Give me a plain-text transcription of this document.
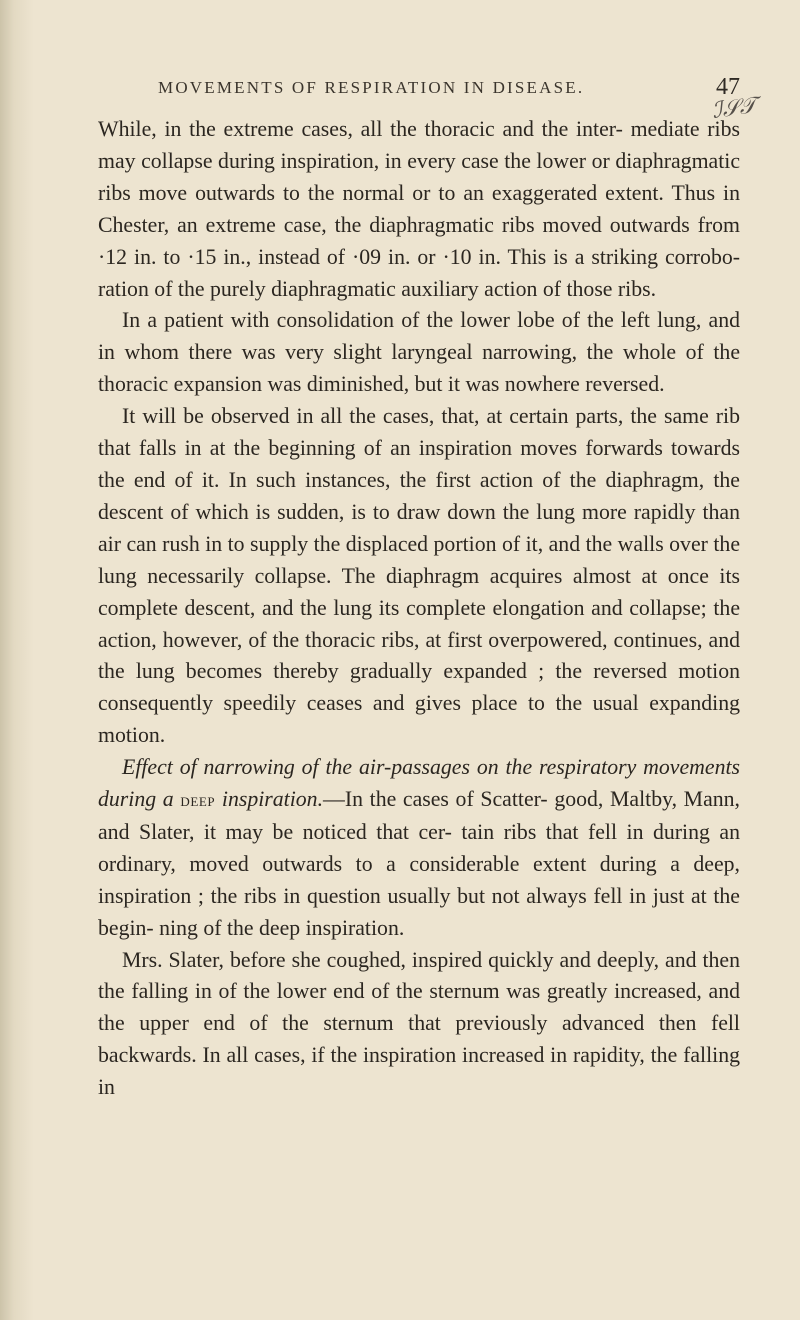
MOVEMENTS OF RESPIRATION IN DISEASE.	47
ℐ𝒮𝒯

While, in the extreme cases, all the thoracic and the inter- mediate ribs may collapse during inspiration, in every case the lower or diaphragmatic ribs move outwards to the normal or to an exaggerated extent. Thus in Chester, an extreme case, the diaphragmatic ribs moved outwards from ·12 in. to ·15 in., instead of ·09 in. or ·10 in. This is a striking corrobo- ration of the purely diaphragmatic auxiliary action of those ribs.

In a patient with consolidation of the lower lobe of the left lung, and in whom there was very slight laryngeal narrowing, the whole of the thoracic expansion was diminished, but it was nowhere reversed.

It will be observed in all the cases, that, at certain parts, the same rib that falls in at the beginning of an inspiration moves forwards towards the end of it. In such instances, the first action of the diaphragm, the descent of which is sudden, is to draw down the lung more rapidly than air can rush in to supply the displaced portion of it, and the walls over the lung necessarily collapse. The diaphragm acquires almost at once its complete descent, and the lung its complete elongation and collapse; the action, however, of the thoracic ribs, at first overpowered, continues, and the lung becomes thereby gradually expanded ; the reversed motion consequently speedily ceases and gives place to the usual expanding motion.

Effect of narrowing of the air-passages on the respiratory movements during a deep inspiration.—In the cases of Scatter- good, Maltby, Mann, and Slater, it may be noticed that cer- tain ribs that fell in during an ordinary, moved outwards to a considerable extent during a deep, inspiration ; the ribs in question usually but not always fell in just at the begin- ning of the deep inspiration.

Mrs. Slater, before she coughed, inspired quickly and deeply, and then the falling in of the lower end of the sternum was greatly increased, and the upper end of the sternum that previously advanced then fell backwards. In all cases, if the inspiration increased in rapidity, the falling in
